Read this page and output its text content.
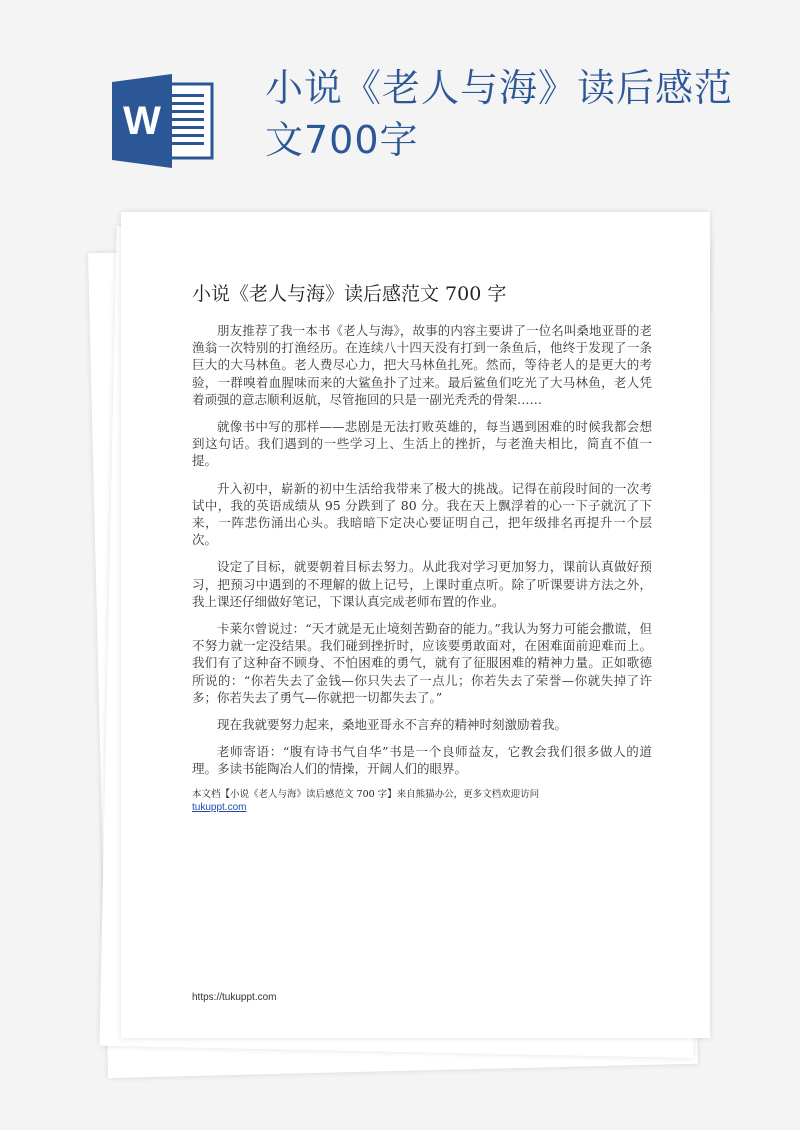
W
小说《老人与海》读后感范文700字
小说《老人与海》读后感范文 700 字

朋友推荐了我一本书《老人与海》，故事的内容主要讲了一位名叫桑地亚哥的老渔翁一次特别的打渔经历。在连续八十四天没有打到一条鱼后，他终于发现了一条巨大的大马林鱼。老人费尽心力，把大马林鱼扎死。然而，等待老人的是更大的考验，一群嗅着血腥味而来的大鲨鱼扑了过来。最后鲨鱼们吃光了大马林鱼，老人凭着顽强的意志顺利返航，尽管拖回的只是一副光秃秃的骨架……

就像书中写的那样——悲剧是无法打败英雄的，每当遇到困难的时候我都会想到这句话。我们遇到的一些学习上、生活上的挫折，与老渔夫相比，简直不值一提。

升入初中，崭新的初中生活给我带来了极大的挑战。记得在前段时间的一次考试中，我的英语成绩从 95 分跌到了 80 分。我在天上飘浮着的心一下子就沉了下来，一阵悲伤涌出心头。我暗暗下定决心要证明自己，把年级排名再提升一个层次。

设定了目标，就要朝着目标去努力。从此我对学习更加努力，课前认真做好预习，把预习中遇到的不理解的做上记号，上课时重点听。除了听课要讲方法之外，我上课还仔细做好笔记，下课认真完成老师布置的作业。

卡莱尔曾说过：“天才就是无止境刻苦勤奋的能力。”我认为努力可能会撒谎，但不努力就一定没结果。我们碰到挫折时，应该要勇敢面对，在困难面前迎难而上。我们有了这种奋不顾身、不怕困难的勇气，就有了征服困难的精神力量。正如歌德所说的：“你若失去了金钱—你只失去了一点儿；你若失去了荣誉—你就失掉了许多；你若失去了勇气—你就把一切都失去了。”

现在我就要努力起来，桑地亚哥永不言弃的精神时刻激励着我。

老师寄语：“腹有诗书气自华”书是一个良师益友，它教会我们很多做人的道理。多读书能陶冶人们的情操，开阔人们的眼界。

本文档【小说《老人与海》读后感范文 700 字】来自熊猫办公，更多文档欢迎访问
tukuppt.com
https://tukuppt.com
